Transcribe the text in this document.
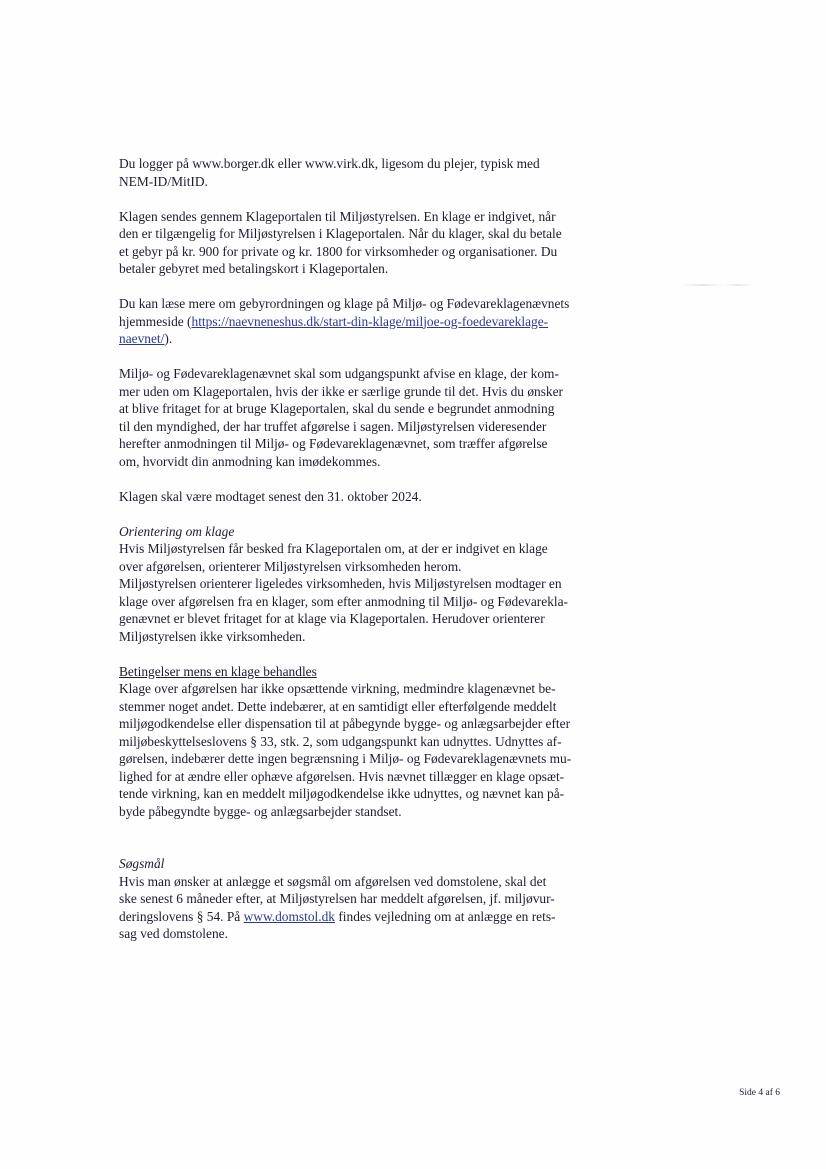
Du logger på www.borger.dk eller www.virk.dk, ligesom du plejer, typisk med
NEM-ID/MitID.

Klagen sendes gennem Klageportalen til Miljøstyrelsen. En klage er indgivet, når
den er tilgængelig for Miljøstyrelsen i Klageportalen. Når du klager, skal du betale
et gebyr på kr. 900 for private og kr. 1800 for virksomheder og organisationer. Du
betaler gebyret med betalingskort i Klageportalen.

Du kan læse mere om gebyrordningen og klage på Miljø- og Fødevareklagenævnets
hjemmeside (https://naevneneshus.dk/start-din-klage/miljoe-og-foedevareklage-
naevnet/).

Miljø- og Fødevareklagenævnet skal som udgangspunkt afvise en klage, der kom-
mer uden om Klageportalen, hvis der ikke er særlige grunde til det. Hvis du ønsker
at blive fritaget for at bruge Klageportalen, skal du sende e begrundet anmodning
til den myndighed, der har truffet afgørelse i sagen. Miljøstyrelsen videresender
herefter anmodningen til Miljø- og Fødevareklagenævnet, som træffer afgørelse
om, hvorvidt din anmodning kan imødekommes.

Klagen skal være modtaget senest den 31. oktober 2024.

Orientering om klage
Hvis Miljøstyrelsen får besked fra Klageportalen om, at der er indgivet en klage
over afgørelsen, orienterer Miljøstyrelsen virksomheden herom.
Miljøstyrelsen orienterer ligeledes virksomheden, hvis Miljøstyrelsen modtager en
klage over afgørelsen fra en klager, som efter anmodning til Miljø- og Fødevarekla-
genævnet er blevet fritaget for at klage via Klageportalen. Herudover orienterer
Miljøstyrelsen ikke virksomheden.

Betingelser mens en klage behandles
Klage over afgørelsen har ikke opsættende virkning, medmindre klagenævnet be-
stemmer noget andet. Dette indebærer, at en samtidigt eller efterfølgende meddelt
miljøgodkendelse eller dispensation til at påbegynde bygge- og anlægsarbejder efter
miljøbeskyttelseslovens § 33, stk. 2, som udgangspunkt kan udnyttes. Udnyttes af-
gørelsen, indebærer dette ingen begrænsning i Miljø- og Fødevareklagenævnets mu-
lighed for at ændre eller ophæve afgørelsen. Hvis nævnet tillægger en klage opsæt-
tende virkning, kan en meddelt miljøgodkendelse ikke udnyttes, og nævnet kan på-
byde påbegyndte bygge- og anlægsarbejder standset.

Søgsmål
Hvis man ønsker at anlægge et søgsmål om afgørelsen ved domstolene, skal det
ske senest 6 måneder efter, at Miljøstyrelsen har meddelt afgørelsen, jf. miljøvur-
deringslovens § 54. På www.domstol.dk findes vejledning om at anlægge en rets-
sag ved domstolene.

Side 4 af 6
